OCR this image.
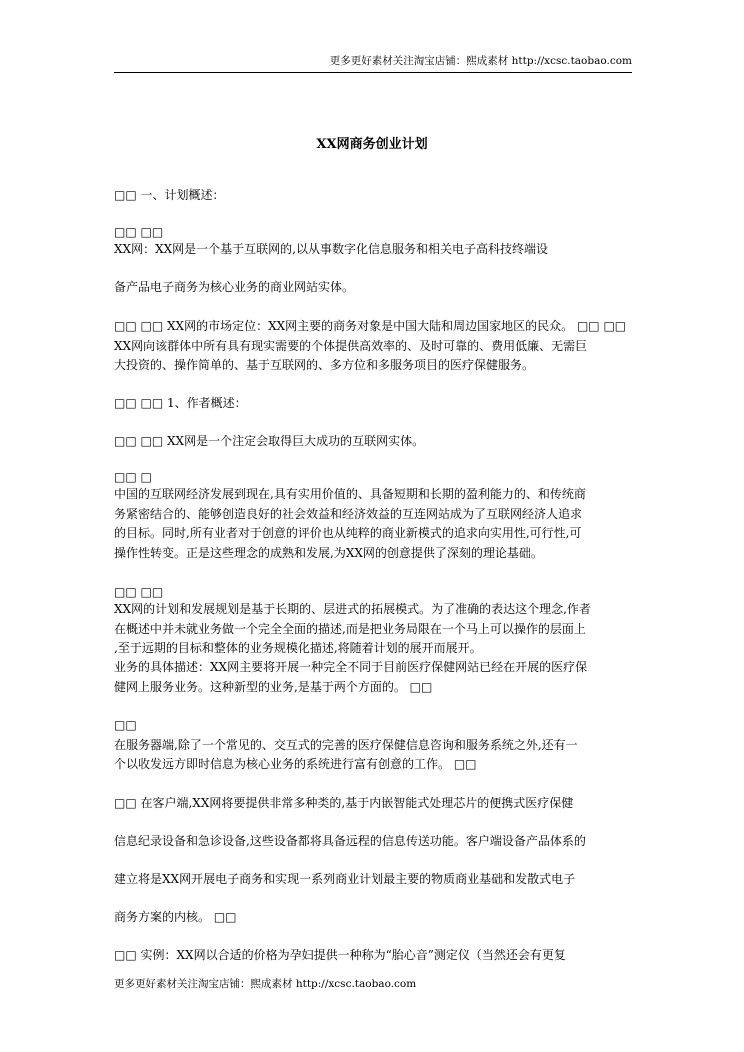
更多更好素材关注淘宝店铺：熙成素材 http://xcsc.taobao.com
XX网商务创业计划
□□ 一、计划概述：
□□ □□
XX网：XX网是一个基于互联网的,以从事数字化信息服务和相关电子高科技终端设
备产品电子商务为核心业务的商业网站实体。
□□ □□ XX网的市场定位：XX网主要的商务对象是中国大陆和周边国家地区的民众。 □□ □□
XX网向该群体中所有具有现实需要的个体提供高效率的、及时可靠的、费用低廉、无需巨
大投资的、操作简单的、基于互联网的、多方位和多服务项目的医疗保健服务。
□□ □□ 1、作者概述：
□□ □□ XX网是一个注定会取得巨大成功的互联网实体。
□□ □
中国的互联网经济发展到现在,具有实用价值的、具备短期和长期的盈利能力的、和传统商
务紧密结合的、能够创造良好的社会效益和经济效益的互连网站成为了互联网经济人追求
的目标。同时,所有业者对于创意的评价也从纯粹的商业新模式的追求向实用性,可行性,可
操作性转变。正是这些理念的成熟和发展,为XX网的创意提供了深刻的理论基础。
□□ □□
XX网的计划和发展规划是基于长期的、层进式的拓展模式。为了准确的表达这个理念,作者
在概述中并未就业务做一个完全全面的描述,而是把业务局限在一个马上可以操作的层面上
,至于远期的目标和整体的业务规模化描述,将随着计划的展开而展开。
业务的具体描述：XX网主要将开展一种完全不同于目前医疗保健网站已经在开展的医疗保
健网上服务业务。这种新型的业务,是基于两个方面的。 □□
□□
在服务器端,除了一个常见的、交互式的完善的医疗保健信息咨询和服务系统之外,还有一
个以收发远方即时信息为核心业务的系统进行富有创意的工作。 □□
□□ 在客户端,XX网将要提供非常多种类的,基于内嵌智能式处理芯片的便携式医疗保健
信息纪录设备和急诊设备,这些设备都将具备远程的信息传送功能。客户端设备产品体系的
建立将是XX网开展电子商务和实现一系列商业计划最主要的物质商业基础和发散式电子
商务方案的内核。 □□
□□ 实例：XX网以合适的价格为孕妇提供一种称为“胎心音”测定仪（当然还会有更复
更多更好素材关注淘宝店铺：熙成素材 http://xcsc.taobao.com
